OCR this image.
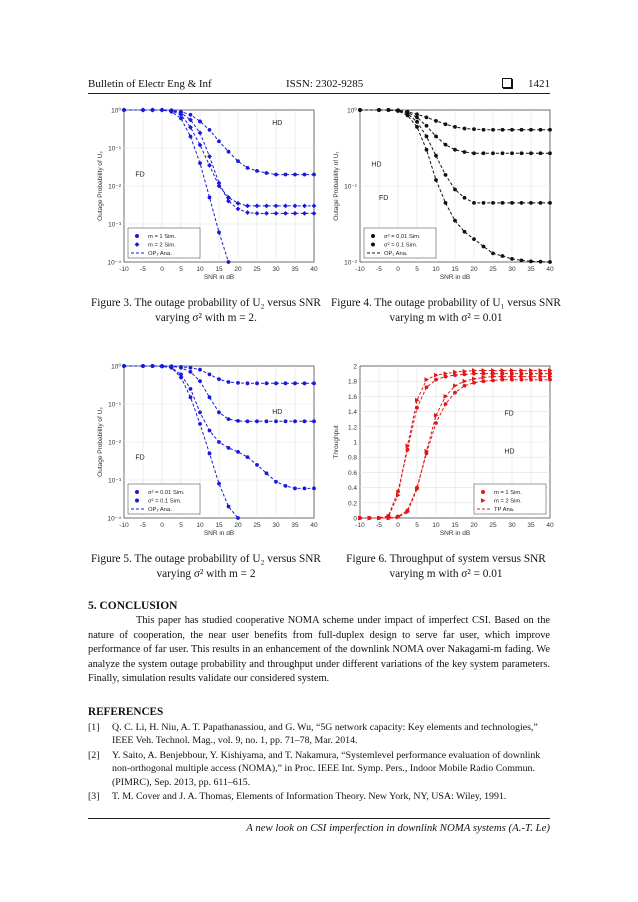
Bulletin of Electr Eng & Inf	ISSN: 2302-9285	1421
-10 -5 0 5 10 15 20 25 30 35 40
10⁰
10⁻¹
10⁻²
10⁻³
10⁻⁴
SNR in dB
Outage Probability of U₂
HD
FD
m = 1 Sim.
m = 2 Sim.
OP₂ Ana.
-10 -5 0 5 10 15 20 25 30 35 40
10⁰
10⁻¹
10⁻²
SNR in dB
Outage Probability of U₁	HD
FD
σ² = 0.01 Sim.
σ² = 0.1 Sim.
OP₁ Ana.
-10 -5 0 5 10 15 20 25 30 35 40
10⁰
10⁻¹
10⁻²
10⁻³
10⁻⁴
SNR in dB
Outage Probability of U₂	HD
FD
σ² = 0.01 Sim.
σ² = 0.1 Sim.
OP₂ Ana.
-10 -5 0 5 10 15 20 25 30 35 40
0
0.2
0.4
0.6
0.8
1
1.2
1.4
1.6
1.8
2
SNR in dB
Throughput
FD
HD
m = 1 Sim.
m = 2 Sim.
TP Ana.
Figure 3. The outage probability of U₂ versus SNR varying σ² with m = 2.
Figure 4. The outage probability of U₁ versus SNR varying m with σ² = 0.01
Figure 5. The outage probability of U₂ versus SNR varying σ² with m = 2
Figure 6. Throughput of system versus SNR varying m with σ² = 0.01
5. CONCLUSION
This paper has studied cooperative NOMA scheme under impact of imperfect CSI. Based on the nature of cooperation, the near user benefits from full-duplex design to serve far user, which improve performance of far user. This results in an enhancement of the downlink NOMA over Nakagami-m fading. We analyze the system outage probability and throughput under different variations of the key system parameters. Finally, simulation results validate our considered system.
REFERENCES
[1] Q. C. Li, H. Niu, A. T. Papathanassiou, and G. Wu, “5G network capacity: Key elements and technologies,” IEEE Veh. Technol. Mag., vol. 9, no. 1, pp. 71–78, Mar. 2014.
[2] Y. Saito, A. Benjebbour, Y. Kishiyama, and T. Nakamura, “Systemlevel performance evaluation of downlink non-orthogonal multiple access (NOMA),” in Proc. IEEE Int. Symp. Pers., Indoor Mobile Radio Commun. (PIMRC), Sep. 2013, pp. 611–615.
[3] T. M. Cover and J. A. Thomas, Elements of Information Theory. New York, NY, USA: Wiley, 1991.
A new look on CSI imperfection in downlink NOMA systems (A.-T. Le)
